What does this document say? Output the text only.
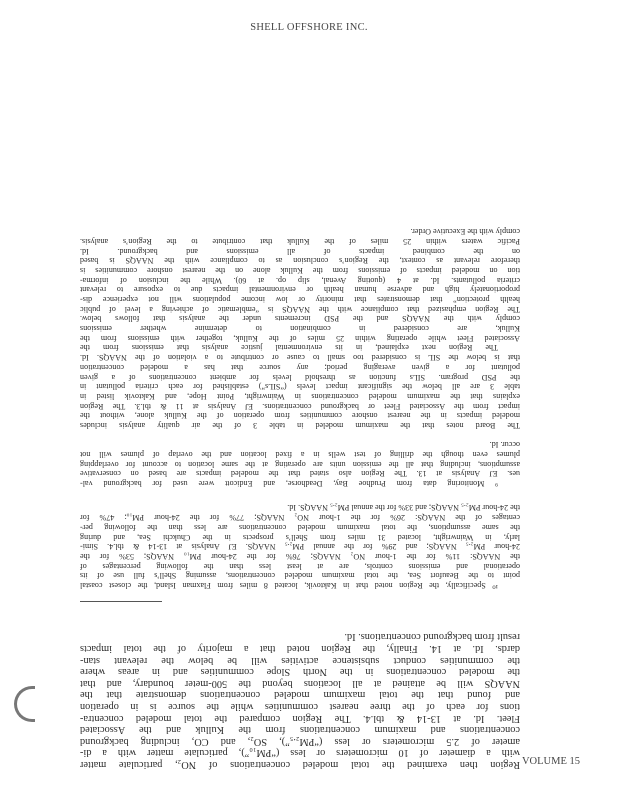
SHELL OFFSHORE INC.
Region then examined the total modeled concentrations of NO₂, particulate matter
with a diameter of 10 micrometers or less (“PM₁₀”), particulate matter with a di-
ameter of 2.5 micrometers or less (“PM₂.₅”), SO₂, and CO, including background
concentrations and maximum concentrations from the Kulluk and the Associated
Fleet. Id. at 13-14 & tbl.4. The Region compared the total modeled concentra-
tions for each of the three nearest communities while the source is in operation
and found that the total maximum modeled concentrations demonstrate that the
NAAQS will be attained at all locations beyond the 500-meter boundary, and that
the modeled concentrations in the North Slope communities and in areas where
the communities conduct subsistence activities will be below the relevant stan-
dards. Id. at 14. Finally, the Region noted that a majority of the total impacts
result from background concentrations. Id.
¹⁰ Specifically, the Region noted that in Kaktovik, located 8 miles from Flaxman Island, the closest coastal
point to the Beaufort Sea, the total maximum modeled concentrations, assuming Shell’s full use of its
operational and emissions controls, are at least less than the following percentages of
the NAAQS: 11% for the 1-hour NO₂ NAAQS; 76% for the 24-hour PM₁₀ NAAQS; 53% for the
24-hour PM₂.₅ NAAQS; and 29% for the annual PM₂.₅ NAAQS. EJ Analysis at 13-14 & tbl.4. Simi-
larly, in Wainwright, located 31 miles from Shell’s prospects in the Chukchi Sea, and during
the same assumptions, the total maximum modeled concentrations are less than the following per-
centages of the NAAQS: 26% for the 1-hour NO₂ NAAQS; 77% for the 24-hour PM₁₀; 47% for
the 24-hour PM₂.₅ NAAQS; and 33% for the annual PM₂.₅ NAAQS. Id.
⁹ Monitoring data from Prudhoe Bay, Deadhorse, and Endicott were used for background val-
ues. EJ Analysis at 13. The Region also stated that the modeled impacts are based on conservative
assumptions, including that all the emission units are operating at the same location to account for overlapping
plumes even though the drilling of test wells in a fixed location and the overlap of plumes will not
occur. Id.
The Board notes that the maximum modeled in table 3 of the air quality analysis includes
modeled impacts in the nearest onshore communities from operation of the Kulluk alone, without the
impact from the Associated Fleet or background concentrations. EJ Analysis at 11 & tbl.3. The Region
explains that the maximum modeled concentrations in Wainwright, Point Hope, and Kaktovik listed in
table 3 are all below the significant impact levels (“SILs”) established for each criteria pollutant in
the PSD program. SILs function as threshold levels for ambient concentrations of a given
pollutant for a given averaging period; any source that has a modeled concentration
that is below the SIL is considered too small to cause or contribute to a violation of the NAAQS. Id.
The Region next explained, in its environmental justice analysis that emissions from the
Associated Fleet while operating within 25 miles of the Kulluk, together with emissions from the
Kulluk, are considered in combination to determine whether emissions
comply with the NAAQS and the PSD increments under the analysis that follows below.
The Region emphasized that compliance with the NAAQS is “emblematic of achieving a level of public
health protection” that demonstrates that minority or low income populations will not experience dis-
proportionately high and adverse human health or environmental impacts due to exposure to relevant
criteria pollutants. Id. at 4 (quoting Avenal, slip op. at 60). While the inclusion of informa-
tion on modeled impacts of emissions from the Kulluk alone on the nearest onshore communities is
therefore relevant as context, the Region’s conclusion as to compliance with the NAAQS is based
on the combined impacts of all emissions and background. Id.
Pacific waters within 25 miles of the Kulluk that contribute to the Region’s analysis.
comply with the Executive Order.
VOLUME 15
